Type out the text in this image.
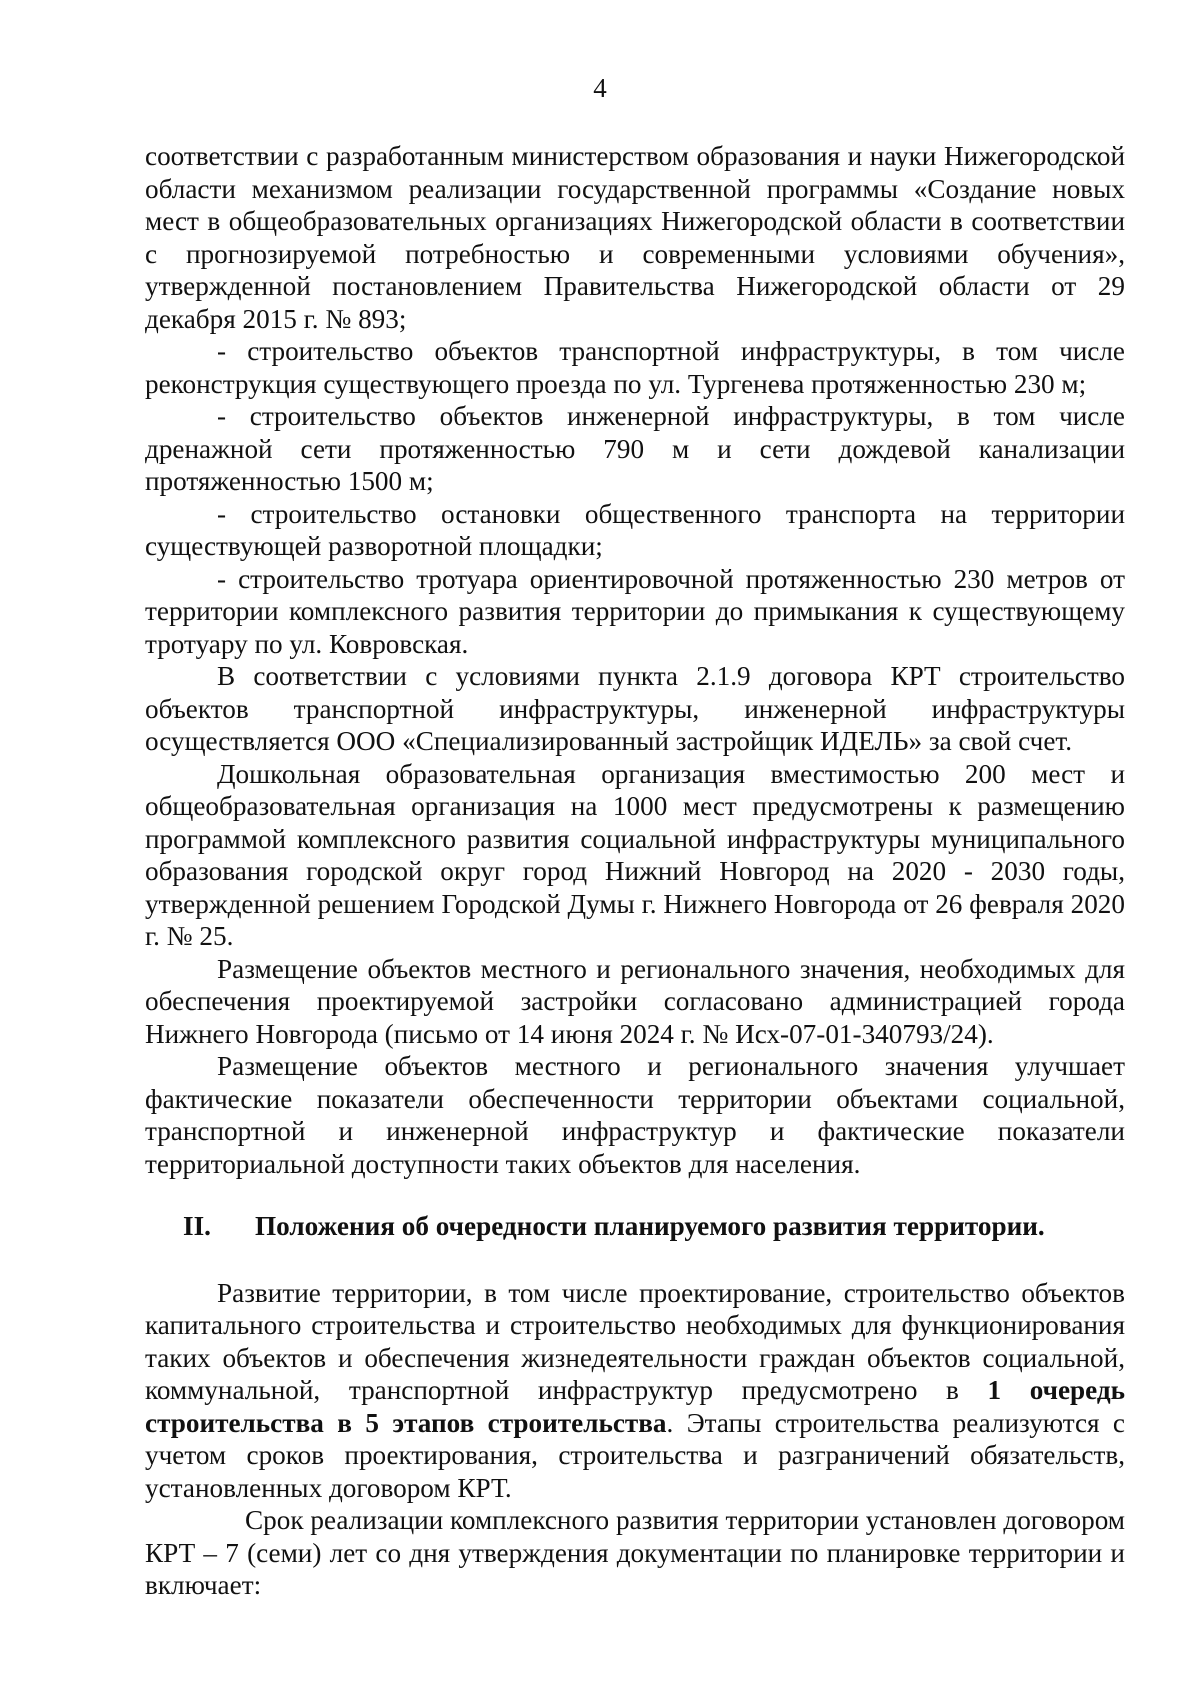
4

соответствии с разработанным министерством образования и науки Нижегородской области механизмом реализации государственной программы «Создание новых мест в общеобразовательных организациях Нижегородской области в соответствии с прогнозируемой потребностью и современными условиями обучения», утвержденной постановлением Правительства Нижегородской области от 29 декабря 2015 г. № 893;

- строительство объектов транспортной инфраструктуры, в том числе реконструкция существующего проезда по ул. Тургенева протяженностью 230 м;

- строительство объектов инженерной инфраструктуры, в том числе дренажной сети протяженностью 790 м и сети дождевой канализации протяженностью 1500 м;

- строительство остановки общественного транспорта на территории существующей разворотной площадки;

- строительство тротуара ориентировочной протяженностью 230 метров от территории комплексного развития территории до примыкания к существующему тротуару по ул. Ковровская.

В соответствии с условиями пункта 2.1.9 договора КРТ строительство объектов транспортной инфраструктуры, инженерной инфраструктуры осуществляется ООО «Специализированный застройщик ИДЕЛЬ» за свой счет.

Дошкольная образовательная организация вместимостью 200 мест и общеобразовательная организация на 1000 мест предусмотрены к размещению программой комплексного развития социальной инфраструктуры муниципального образования городской округ город Нижний Новгород на 2020 - 2030 годы, утвержденной решением Городской Думы г. Нижнего Новгорода от 26 февраля 2020 г. № 25.

Размещение объектов местного и регионального значения, необходимых для обеспечения проектируемой застройки согласовано администрацией города Нижнего Новгорода (письмо от 14 июня 2024 г. № Исх-07-01-340793/24).

Размещение объектов местного и регионального значения улучшает фактические показатели обеспеченности территории объектами социальной, транспортной и инженерной инфраструктур и фактические показатели территориальной доступности таких объектов для населения.

II.	Положения об очередности планируемого развития территории.

Развитие территории, в том числе проектирование, строительство объектов капитального строительства и строительство необходимых для функционирования таких объектов и обеспечения жизнедеятельности граждан объектов социальной, коммунальной, транспортной инфраструктур предусмотрено в 1 очередь строительства в 5 этапов строительства. Этапы строительства реализуются с учетом сроков проектирования, строительства и разграничений обязательств, установленных договором КРТ.

Срок реализации комплексного развития территории установлен договором КРТ – 7 (семи) лет со дня утверждения документации по планировке территории и включает:
